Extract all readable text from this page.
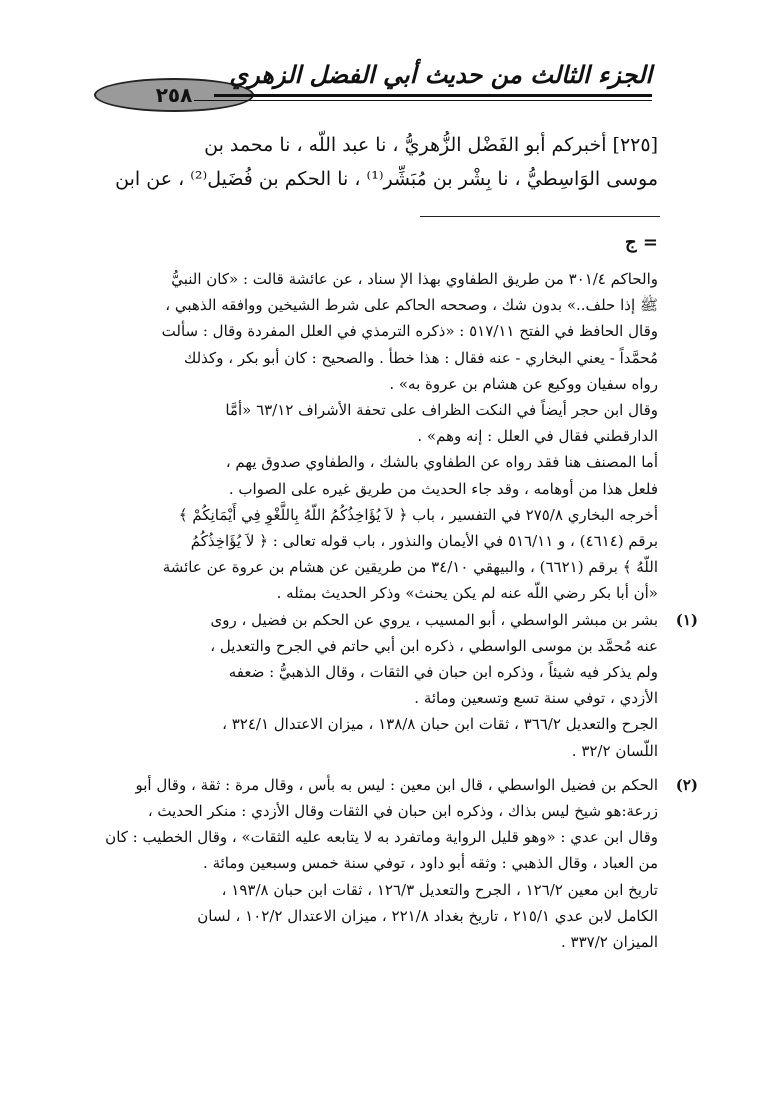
٢٥٨
الجزء الثالث من حديث أبي الفضل الزهري

[٢٢٥] أخبركم أبو الفَضْل الزُّهريُّ ، نا عبد اللّه ، نا محمد بن

موسى الوَاسِطيُّ ، نا بِشْر بن مُبَشِّر⁽¹⁾ ، نا الحكم بن فُضَيل⁽²⁾ ، عن ابن

= ج

والحاكم ٣٠١/٤ من طريق الطفاوي بهذا الإ سناد ، عن عائشة قالت : «كان النبيُّ

ﷺ إذا حلف..» بدون شك ، وصححه الحاكم على شرط الشيخين ووافقه الذهبي ،

وقال الحافظ في الفتح ٥١٧/١١ : «ذكره الترمذي في العلل المفردة وقال : سألت

مُحمَّداً - يعني البخاري - عنه فقال : هذا خطأ . والصحيح : كان أبو بكر ، وكذلك

رواه سفيان ووكيع عن هشام بن عروة به» .

وقال ابن حجر أيضاً في النكت الظراف على تحفة الأشراف ٦٣/١٢ «أمَّا

الدارقطني فقال في العلل : إنه وهم» .

أما المصنف هنا فقد رواه عن الطفاوي بالشك ، والطفاوي صدوق يهم ،

فلعل هذا من أوهامه ، وقد جاء الحديث من طريق غيره على الصواب .

أخرجه البخاري ٢٧٥/٨ في التفسير ، باب ﴿ لاَ يُؤَاخِذُكُمُ اللّهُ بِاللَّغْوِ فِي أَيْمَانِكُمْ ﴾

برقم (٤٦١٤) ، و ٥١٦/١١ في الأيمان والنذور ، باب قوله تعالى : ﴿ لاَ يُؤَاخِذُكُمُ

اللّهُ ﴾ برقم (٦٦٢١) ، والبيهقي ٣٤/١٠ من طريقين عن هشام بن عروة عن عائشة

«أن أبا بكر رضي اللّه عنه لم يكن يحنث» وذكر الحديث بمثله .

(١)

بشر بن مبشر الواسطي ، أبو المسيب ، يروي عن الحكم بن فضيل ، روى

عنه مُحمَّد بن موسى الواسطي ، ذكره ابن أبي حاتم في الجرح والتعديل ،

ولم يذكر فيه شيئاً ، وذكره ابن حبان في الثقات ، وقال الذهبيُّ : ضعفه

الأزدي ، توفي سنة تسع وتسعين ومائة .

الجرح والتعديل ٣٦٦/٢ ، ثقات ابن حبان ١٣٨/٨ ، ميزان الاعتدال ٣٢٤/١ ،

اللّسان ٣٢/٢ .

(٢)

الحكم بن فضيل الواسطي ، قال ابن معين : ليس به بأس ، وقال مرة : ثقة ، وقال أبو

زرعة:هو شيخ ليس بذاك ، وذكره ابن حبان في الثقات وقال الأزدي : منكر الحديث ،

وقال ابن عدي : «وهو قليل الرواية وماتفرد به لا يتابعه عليه الثقات» ، وقال الخطيب : كان

من العباد ، وقال الذهبي : وثقه أبو داود ، توفي سنة خمس وسبعين ومائة .

تاريخ ابن معين ١٢٦/٢ ، الجرح والتعديل ١٢٦/٣ ، ثقات ابن حبان ١٩٣/٨ ،

الكامل لابن عدي ٢١٥/١ ، تاريخ بغداد ٢٢١/٨ ، ميزان الاعتدال ١٠٢/٢ ، لسان

الميزان ٣٣٧/٢ .
